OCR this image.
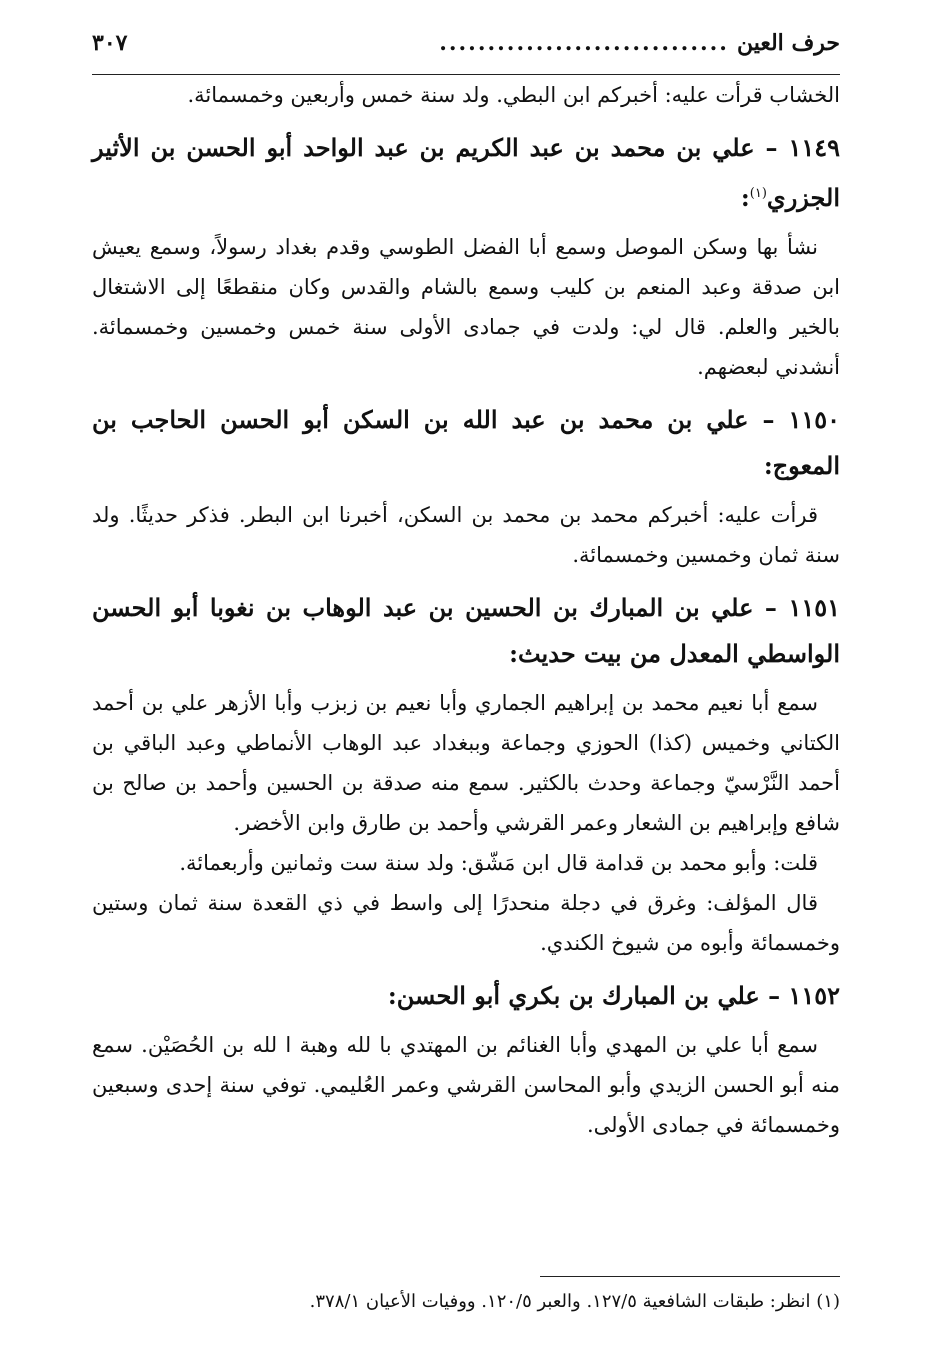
حرف العين
..............................
٣٠٧

الخشاب قرأت عليه: أخبركم ابن البطي. ولد سنة خمس وأربعين وخمسمائة.

١١٤٩ – علي بن محمد بن عبد الكريم بن عبد الواحد أبو الحسن بن الأثير الجزري$^{(١)}$:

نشأ بها وسكن الموصل وسمع أبا الفضل الطوسي وقدم بغداد رسولاً، وسمع يعيش ابن صدقة وعبد المنعم بن كليب وسمع بالشام والقدس وكان منقطعًا إلى الاشتغال بالخير والعلم. قال لي: ولدت في جمادى الأولى سنة خمس وخمسين وخمسمائة. أنشدني لبعضهم.

١١٥٠ – علي بن محمد بن عبد الله بن السكن أبو الحسن الحاجب بن المعوج:

قرأت عليه: أخبركم محمد بن محمد بن السكن، أخبرنا ابن البطر. فذكر حديثًا. ولد سنة ثمان وخمسين وخمسمائة.

١١٥١ – علي بن المبارك بن الحسين بن عبد الوهاب بن نغوبا أبو الحسن الواسطي المعدل من بيت حديث:

سمع أبا نعيم محمد بن إبراهيم الجماري وأبا نعيم بن زبزب وأبا الأزهر علي بن أحمد الكتاني وخميس (كذا) الحوزي وجماعة وببغداد عبد الوهاب الأنماطي وعبد الباقي بن أحمد النَّرْسيّ وجماعة وحدث بالكثير. سمع منه صدقة بن الحسين وأحمد بن صالح بن شافع وإبراهيم بن الشعار وعمر القرشي وأحمد بن طارق وابن الأخضر.

قلت: وأبو محمد بن قدامة قال ابن مَشّق: ولد سنة ست وثمانين وأربعمائة.

قال المؤلف: وغرق في دجلة منحدرًا إلى واسط في ذي القعدة سنة ثمان وستين وخمسمائة وأبوه من شيوخ الكندي.

١١٥٢ – علي بن المبارك بن بكري أبو الحسن:

سمع أبا علي بن المهدي وأبا الغنائم بن المهتدي با لله وهبة ا لله بن الحُصَيْن. سمع منه أبو الحسن الزيدي وأبو المحاسن القرشي وعمر العُليمي. توفي سنة إحدى وسبعين وخمسمائة في جمادى الأولى.

(١) انظر: طبقات الشافعية ١٢٧/٥. والعبر ١٢٠/٥. ووفيات الأعيان ٣٧٨/١.
